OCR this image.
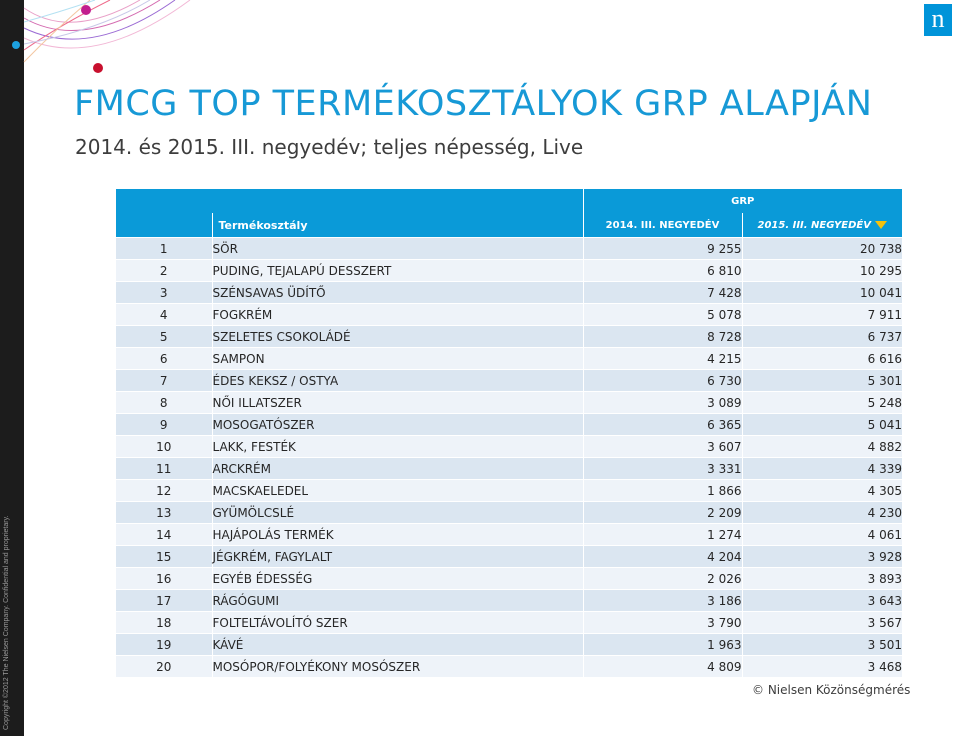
Copyright ©2012 The Nielsen Company. Confidential and proprietary.
n
FMCG TOP TERMÉKOSZTÁLYOK GRP ALAPJÁN

2014. és 2015. III. negyedév; teljes népesség, Live

		GRP	
	Termékosztály	2014. III. NEGYEDÉV	2015. III. NEGYEDÉV
1	SÖR	9 255	20 738
2	PUDING, TEJALAPÚ DESSZERT	6 810	10 295
3	SZÉNSAVAS ÜDÍTŐ	7 428	10 041
4	FOGKRÉM	5 078	7 911
5	SZELETES CSOKOLÁDÉ	8 728	6 737
6	SAMPON	4 215	6 616
7	ÉDES KEKSZ / OSTYA	6 730	5 301
8	NŐI ILLATSZER	3 089	5 248
9	MOSOGATÓSZER	6 365	5 041
10	LAKK, FESTÉK	3 607	4 882
11	ARCKRÉM	3 331	4 339
12	MACSKAELEDEL	1 866	4 305
13	GYÜMÖLCSLÉ	2 209	4 230
14	HAJÁPOLÁS TERMÉK	1 274	4 061
15	JÉGKRÉM, FAGYLALT	4 204	3 928
16	EGYÉB ÉDESSÉG	2 026	3 893
17	RÁGÓGUMI	3 186	3 643
18	FOLTELTÁVOLÍTÓ SZER	3 790	3 567
19	KÁVÉ	1 963	3 501
20	MOSÓPOR/FOLYÉKONY MOSÓSZER	4 809	3 468
© Nielsen Közönségmérés
